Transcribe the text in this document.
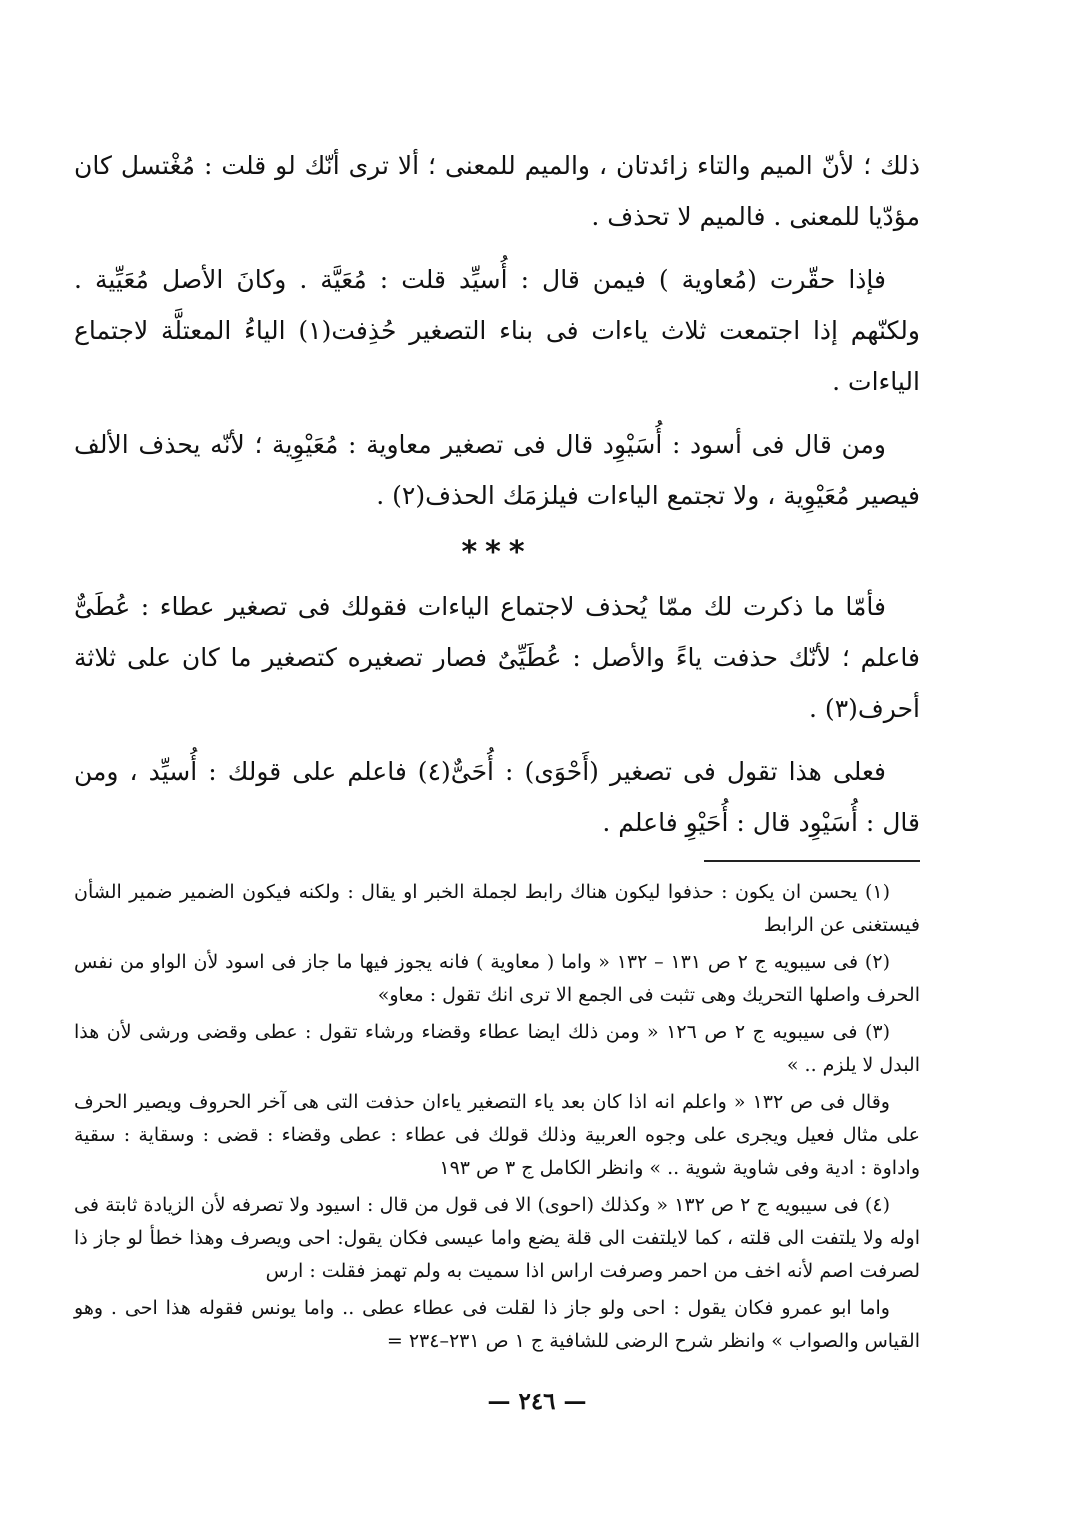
ذلك ؛ لأنّ الميم والتاء زائدتان ، والميم للمعنى ؛ ألا ترى أنّك لو قلت : مُغْتسل كان مؤدّيا للمعنى . فالميم لا تحذف .

فإذا حقّرت (مُعاوية ) فيمن قال : أُسيِّد قلت : مُعَيَّة . وكانَ الأصل مُعَيِّية . ولكنّهم إذا اجتمعت ثلاث ياءات فى بناء التصغير حُذِفت(١) الياءُ المعتلَّة لاجتماع الياءات .

ومن قال فى أسود : أُسَيْوِد قال فى تصغير معاوية : مُعَيْوِية ؛ لأنّه يحذف الألف فيصير مُعَيْوِية ، ولا تجتمع الياءات فيلزمَك الحذف(٢) .

***

فأمّا ما ذكرت لك ممّا يُحذف لاجتماع الياءات فقولك فى تصغير عطاء : عُطَىٌّ فاعلم ؛ لأنّك حذفت ياءً والأصل : عُطَيِّىٌ فصار تصغيره كتصغير ما كان على ثلاثة أحرف(٣) .

فعلى هذا تقول فى تصغير (أَحْوَى) : أُحَىٌّ(٤) فاعلم على قولك : أُسيِّد ، ومن قال : أُسَيْوِد قال : أُحَيْوِ فاعلم .

(١) يحسن ان يكون : حذفوا ليكون هناك رابط لجملة الخبر او يقال : ولكنه فيكون الضمير ضمير الشأن فيستغنى عن الرابط

(٢) فى سيبويه ج ٢ ص ١٣١ – ١٣٢ « واما ( معاوية ) فانه يجوز فيها ما جاز فى اسود لأن الواو من نفس الحرف واصلها التحريك وهى تثبت فى الجمع الا ترى انك تقول : معاو»

(٣) فى سيبويه ج ٢ ص ١٢٦ « ومن ذلك ايضا عطاء وقضاء ورشاء تقول : عطى وقضى ورشى لأن هذا البدل لا يلزم .. »

وقال فى ص ١٣٢ « واعلم انه اذا كان بعد ياء التصغير ياءان حذفت التى هى آخر الحروف ويصير الحرف على مثال فعيل ويجرى على وجوه العربية وذلك قولك فى عطاء : عطى وقضاء : قضى : وسقاية : سقية واداوة : ادية وفى شاوية شوية .. » وانظر الكامل ج ٣ ص ١٩٣

(٤) فى سيبويه ج ٢ ص ١٣٢ « وكذلك (احوى) الا فى قول من قال : اسيود ولا تصرفه لأن الزيادة ثابتة فى اوله ولا يلتفت الى قلته ، كما لايلتفت الى قلة يضع واما عيسى فكان يقول: احى ويصرف وهذا خطأ لو جاز ذا لصرفت اصم لأنه اخف من احمر وصرفت اراس اذا سميت به ولم تهمز فقلت : ارس

واما ابو عمرو فكان يقول : احى ولو جاز ذا لقلت فى عطاء عطى .. واما يونس فقوله هذا احى . وهو القياس والصواب » وانظر شرح الرضى للشافية ج ١ ص ٢٣١–٢٣٤ =

— ٢٤٦ —
